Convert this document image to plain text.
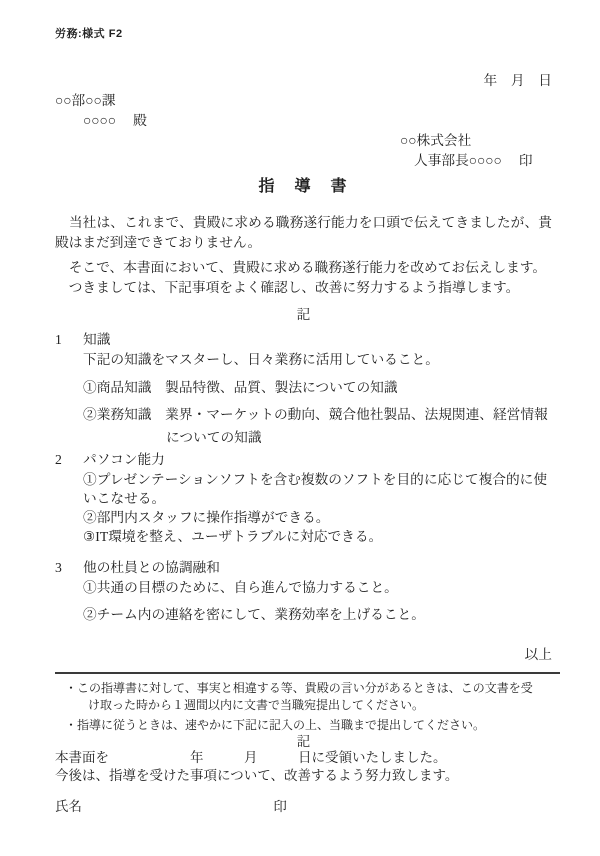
労務:様式 F2
年　月　日
○○部○○課
○○○○　 殿
○○株式会社
人事部長○○○○　 印
指　導　書

　当社は、これまで、貴殿に求める職務遂行能力を口頭で伝えてきましたが、貴殿はまだ到達できておりません。

　そこで、本書面において、貴殿に求める職務遂行能力を改めてお伝えします。

　つきましては、下記事項をよく確認し、改善に努力するよう指導します。

記
1 知識
下記の知識をマスターし、日々業務に活用していること。
①商品知識　製品特徴、品質、製法についての知識
②業務知識　業界・マーケットの動向、競合他社製品、法規関連、経営情報
についての知識
2 パソコン能力
①プレゼンテーションソフトを含む複数のソフトを目的に応じて複合的に使いこなせる。
②部門内スタッフに操作指導ができる。
③IT環境を整え、ユーザトラブルに対応できる。
3 他の杜員との協調融和
①共通の目標のために、自ら進んで協力すること。
②チーム内の連絡を密にして、業務効率を上げること。
以上
・この指導書に対して、事実と相違する等、貴殿の言い分があるときは、この文書を受け取った時から１週間以内に文書で当職宛提出してください。
・指導に従うときは、速やかに下記に記入の上、当職まで提出してください。
記
本書面を　　　　　　年　　　月　　　日に受領いたしました。
今後は、指導を受けた事項について、改善するよう努力致します。
氏名	印
